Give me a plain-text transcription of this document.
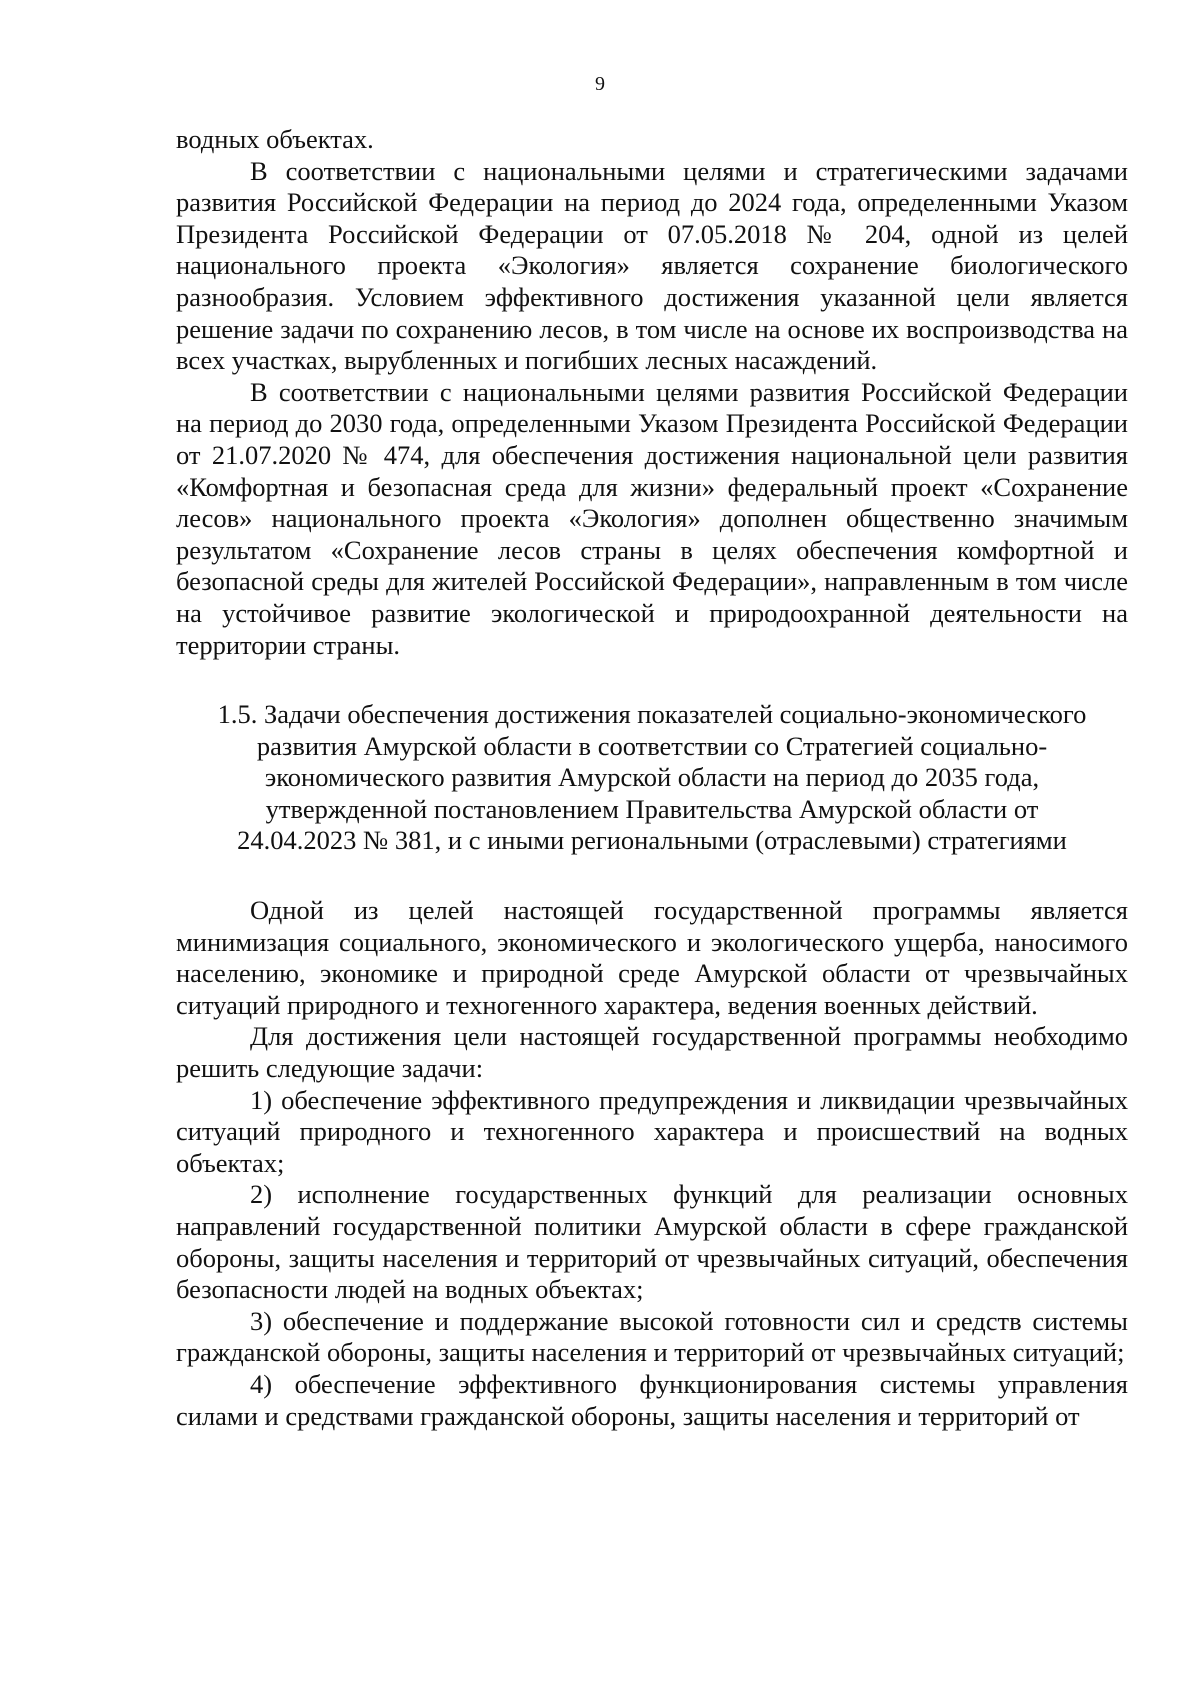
9

водных объектах.

В соответствии с национальными целями и стратегическими задачами развития Российской Федерации на период до 2024 года, определенными Указом Президента Российской Федерации от 07.05.2018 № 204, одной из целей национального проекта «Экология» является сохранение биологического разнообразия. Условием эффективного достижения указанной цели является решение задачи по сохранению лесов, в том числе на основе их воспроизводства на всех участках, вырубленных и погибших лесных насаждений.

В соответствии с национальными целями развития Российской Федерации на период до 2030 года, определенными Указом Президента Российской Федерации от 21.07.2020 № 474, для обеспечения достижения национальной цели развития «Комфортная и безопасная среда для жизни» федеральный проект «Сохранение лесов» национального проекта «Экология» дополнен общественно значимым результатом «Сохранение лесов страны в целях обеспечения комфортной и безопасной среды для жителей Российской Федерации», направленным в том числе на устойчивое развитие экологической и природоохранной деятельности на территории страны.

1.5. Задачи обеспечения достижения показателей социально-экономического развития Амурской области в соответствии со Стратегией социально-экономического развития Амурской области на период до 2035 года, утвержденной постановлением Правительства Амурской области от 24.04.2023 № 381, и с иными региональными (отраслевыми) стратегиями

Одной из целей настоящей государственной программы является минимизация социального, экономического и экологического ущерба, наносимого населению, экономике и природной среде Амурской области от чрезвычайных ситуаций природного и техногенного характера, ведения военных действий.

Для достижения цели настоящей государственной программы необходимо решить следующие задачи:

1) обеспечение эффективного предупреждения и ликвидации чрезвычайных ситуаций природного и техногенного характера и происшествий на водных объектах;

2) исполнение государственных функций для реализации основных направлений государственной политики Амурской области в сфере гражданской обороны, защиты населения и территорий от чрезвычайных ситуаций, обеспечения безопасности людей на водных объектах;

3) обеспечение и поддержание высокой готовности сил и средств системы гражданской обороны, защиты населения и территорий от чрезвычайных ситуаций;

4) обеспечение эффективного функционирования системы управления силами и средствами гражданской обороны, защиты населения и территорий от
